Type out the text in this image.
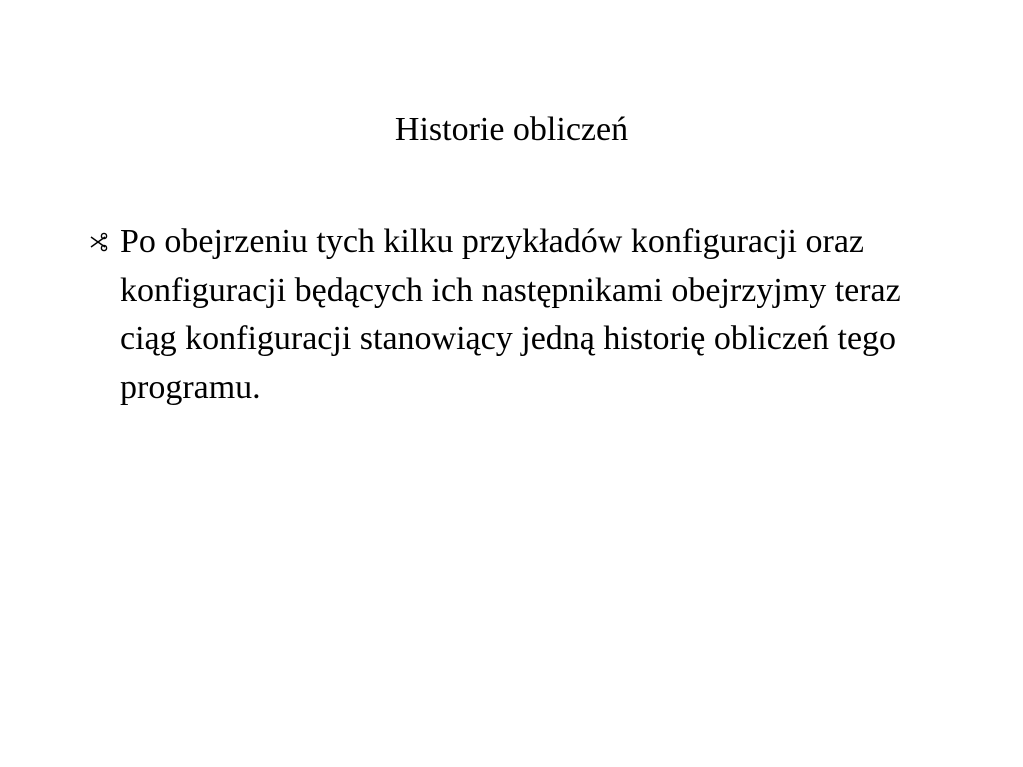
Historie obliczeń
Po obejrzeniu tych kilku przykładów konfiguracji oraz konfiguracji będących ich następnikami obejrzyjmy teraz ciąg konfiguracji stanowiący jedną historię obliczeń tego programu.
